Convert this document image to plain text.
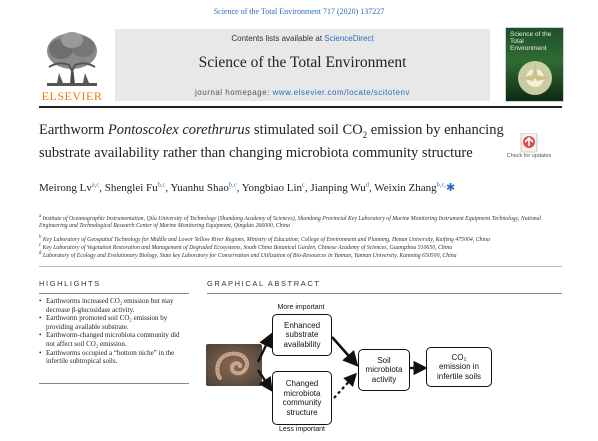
Science of the Total Environment 717 (2020) 137227
ELSEVIER
Contents lists available at ScienceDirect
Science of the Total Environment
journal homepage: www.elsevier.com/locate/scitotenv
Science of the Total Environment
Earthworm Pontoscolex corethrurus stimulated soil $CO_2$ emission by enhancing substrate availability rather than changing microbiota community structure	Check for updates
Meirong Lv$^{a,c}$, Shenglei Fu$^{b,c}$, Yuanhu Shao$^{b,c}$, Yongbiao Lin$^c$, Jianping Wu$^d$, Weixin Zhang$^{b,c,}$✱
$^a$ Institute of Oceanographic Instrumentation, Qilu University of Technology (Shandong Academy of Sciences), Shandong Provincial Key Laboratory of Marine Monitoring Instrument Equipment Technology, National Engineering and Technological Research Center of Marine Monitoring Equipment, Qingdao 266000, China
$^b$ Key Laboratory of Geospatial Technology for Middle and Lower Yellow River Regions, Ministry of Education; College of Environment and Planning, Henan University, Kaifeng 475004, China
$^c$ Key Laboratory of Vegetation Restoration and Management of Degraded Ecosystems, South China Botanical Garden, Chinese Academy of Sciences, Guangzhou 510650, China
$^d$ Laboratory of Ecology and Evolutionary Biology, State key Laboratory for Conservation and Utilization of Bio-Resources in Yunnan, Yunnan University, Kunming 650500, China
HIGHLIGHTS
• Earthworms increased CO₂ emission but may decrease β-glucosidase activity.
• Earthworm promoted soil CO₂ emission by providing available substrate.
• Earthworm-changed microbiota community did not affect soil CO₂ emission.
• Earthworms occupied a “bottom niche” in the infertile subtropical soils.
GRAPHICAL ABSTRACT
More important
Enhanced substrate availability
Changed microbiota community structure
Less important
Soil microbiota activity
CO₂
emission in infertile soils
